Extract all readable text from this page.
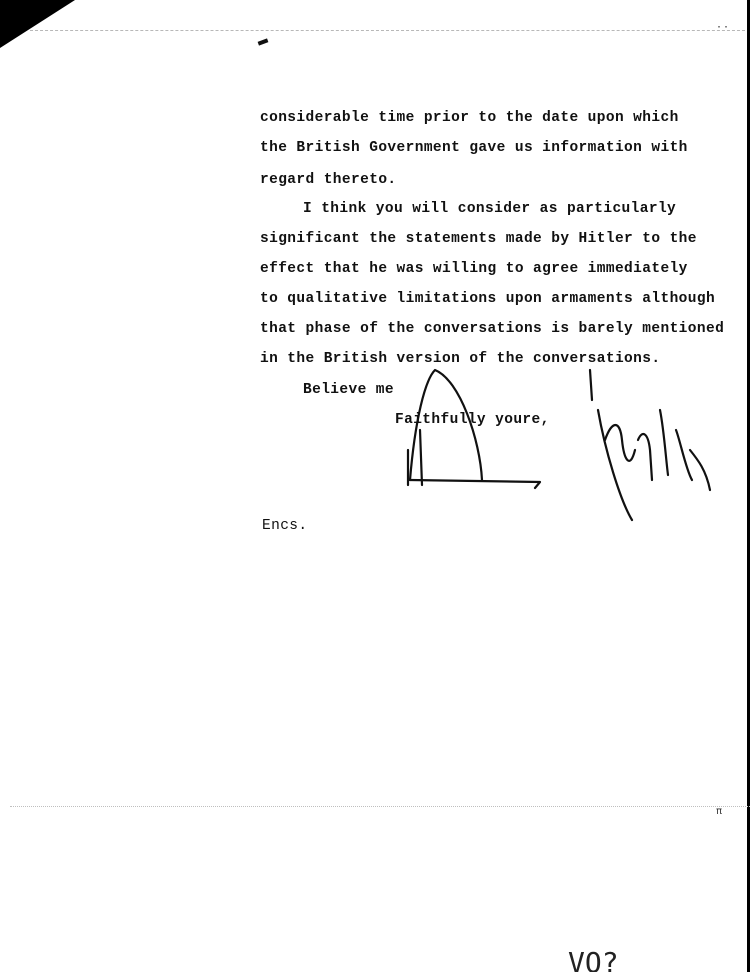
··
considerable time prior to the date upon which
the British Government gave us information with
regard thereto.
I think you will consider as particularly
significant the statements made by Hitler to the
effect that he was willing to agree immediately
to qualitative limitations upon armaments although
that phase of the conversations is barely mentioned
in the British version of the conversations.
Believe me
Faithfully youre,
Encs.
π
VO?
